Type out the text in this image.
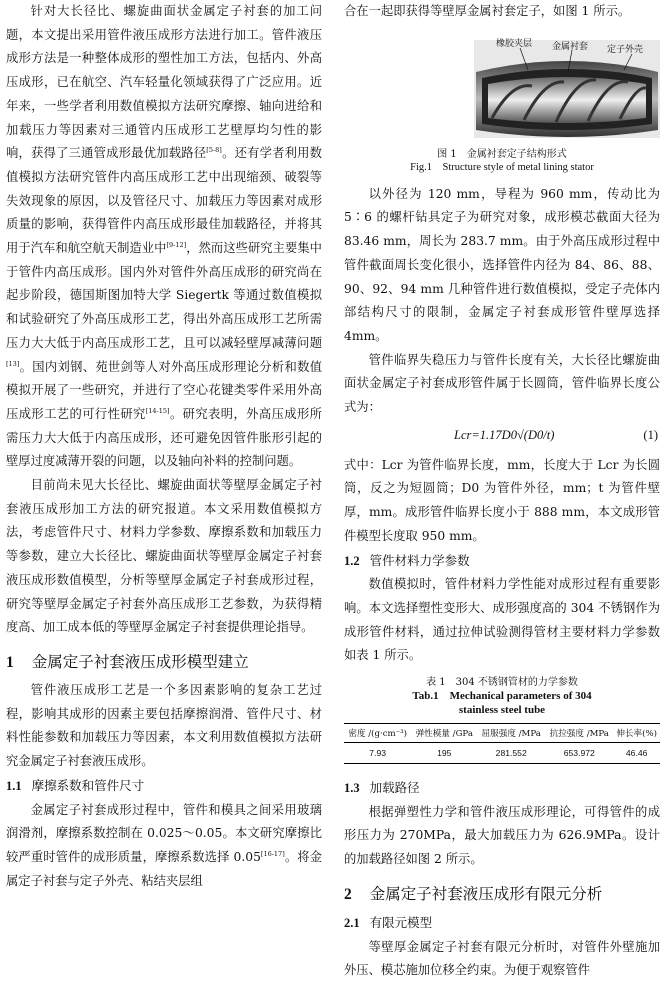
针对大长径比、螺旋曲面状金属定子衬套的加工问题，本文提出采用管件液压成形方法进行加工。管件液压成形方法是一种整体成形的塑性加工方法，包括内、外高压成形，已在航空、汽车轻量化领域获得了广泛应用。近年来，一些学者利用数值模拟方法研究摩擦、轴向进给和加载压力等因素对三通管内压成形工艺壁厚均匀性的影响，获得了三通管成形最优加载路径[5-8]。还有学者利用数值模拟方法研究管件内高压成形工艺中出现缩颈、破裂等失效现象的原因，以及管径尺寸、加载压力等因素对成形质量的影响，获得管件内高压成形最佳加载路径，并将其用于汽车和航空航天制造业中[9-12]，然而这些研究主要集中于管件内高压成形。国内外对管件外高压成形的研究尚在起步阶段，德国斯图加特大学 Siegertk 等通过数值模拟和试验研究了外高压成形工艺，得出外高压成形工艺所需压力大大低于内高压成形工艺，且可以减轻壁厚减薄问题[13]。国内刘钢、苑世剑等人对外高压成形理论分析和数值模拟开展了一些研究，并进行了空心花键类零件采用外高压成形工艺的可行性研究[14-15]。研究表明，外高压成形所需压力大大低于内高压成形，还可避免因管件胀形引起的壁厚过度减薄开裂的问题，以及轴向补料的控制问题。

目前尚未见大长径比、螺旋曲面状等壁厚金属定子衬套液压成形加工方法的研究报道。本文采用数值模拟方法，考虑管件尺寸、材料力学参数、摩擦系数和加载压力等参数，建立大长径比、螺旋曲面状等壁厚金属定子衬套液压成形数值模型，分析等壁厚金属定子衬套成形过程，研究等壁厚金属定子衬套外高压成形工艺参数，为获得精度高、加工成本低的等壁厚金属定子衬套提供理论指导。

1 金属定子衬套液压成形模型建立

管件液压成形工艺是一个多因素影响的复杂工艺过程，影响其成形的因素主要包括摩擦润滑、管件尺寸、材料性能参数和加载压力等因素，本文利用数值模拟方法研究金属定子衬套液压成形。

1.1 摩擦系数和管件尺寸

金属定子衬套成形过程中，管件和模具之间采用玻璃润滑剂，摩擦系数控制在 0.025～0.05。本文研究摩擦比较严重时管件的成形质量，摩擦系数选择 0.05[16-17]。将金属定子衬套与定子外壳、粘结夹层组

合在一起即获得等壁厚金属衬套定子，如图 1 所示。

橡胶夹层 金属衬套 定子外壳

图 1　金属衬套定子结构形式

Fig.1　Structure style of metal lining stator

以外径为 120 mm，导程为 960 mm，传动比为 5∶6 的螺杆钻具定子为研究对象，成形模芯截面大径为 83.46 mm，周长为 283.7 mm。由于外高压成形过程中管件截面周长变化很小，选择管件内径为 84、86、88、90、92、94 mm 几种管件进行数值模拟，受定子壳体内部结构尺寸的限制，金属定子衬套成形管件壁厚选择 4mm。

管件临界失稳压力与管件长度有关，大长径比螺旋曲面状金属定子衬套成形管件属于长圆筒，管件临界长度公式为：

Lcr=1.17D0√(D0/t)	(1)

式中：Lcr 为管件临界长度，mm，长度大于 Lcr 为长圆筒，反之为短圆筒；D0 为管件外径，mm；t 为管件壁厚，mm。成形管件临界长度小于 888 mm，本文成形管件模型长度取 950 mm。

1.2 管件材料力学参数

数值模拟时，管件材料力学性能对成形过程有重要影响。本文选择塑性变形大、成形强度高的 304 不锈钢作为成形管件材料，通过拉伸试验测得管材主要材料力学参数如表 1 所示。

表 1　304 不锈钢管材的力学参数

Tab.1　Mechanical parameters of 304

stainless steel tube

密度 /(g·cm⁻³)	弹性模量 /GPa	屈服强度 /MPa	抗拉强度 /MPa	伸长率(%)
7.93	195	281.552	653.972	46.46
1.3 加载路径

根据弹塑性力学和管件液压成形理论，可得管件的成形压力为 270MPa，最大加载压力为 626.9MPa。设计的加载路径如图 2 所示。

2 金属定子衬套液压成形有限元分析
2.1 有限元模型

等壁厚金属定子衬套有限元分析时，对管件外壁施加外压、模芯施加位移全约束。为便于观察管件
